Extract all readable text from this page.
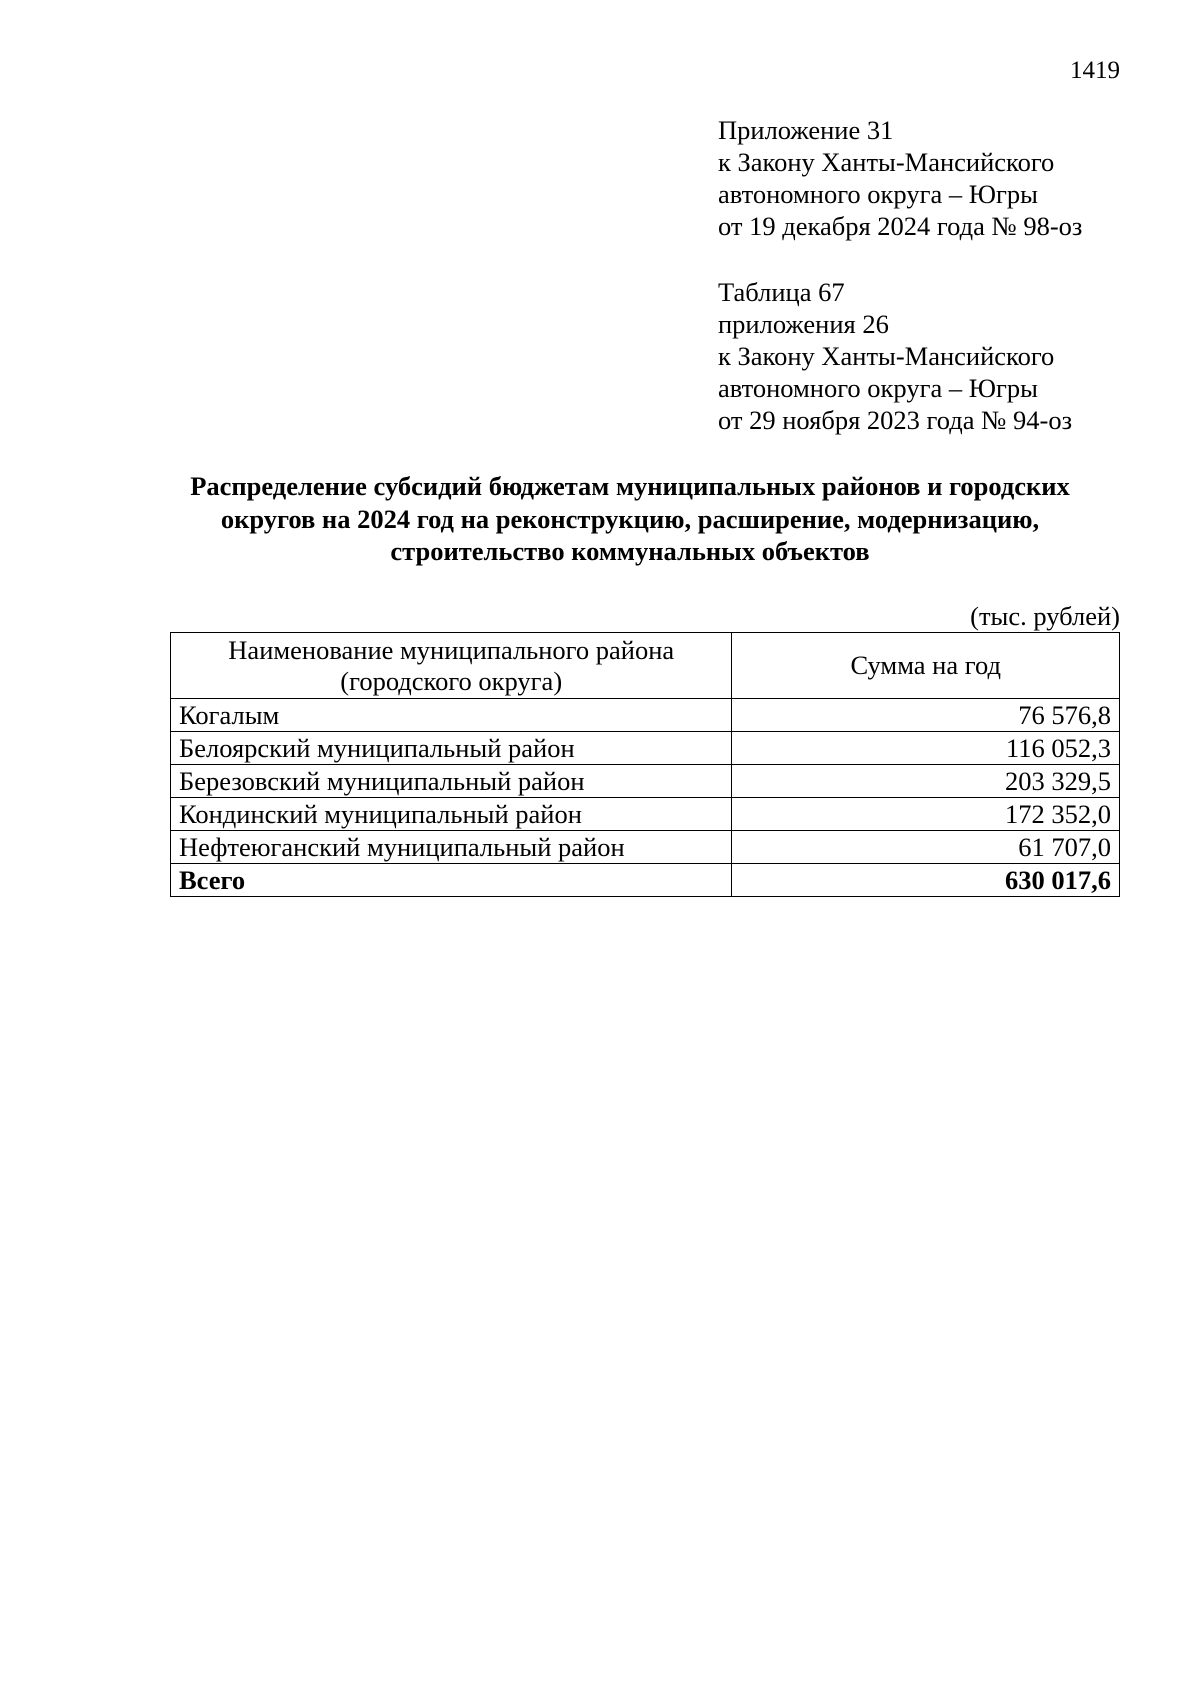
1419
Приложение 31
к Закону Ханты-Мансийского
автономного округа – Югры
от 19 декабря 2024 года № 98-оз
Таблица 67
приложения 26
к Закону Ханты-Мансийского
автономного округа – Югры
от 29 ноября 2023 года № 94-оз
Распределение субсидий бюджетам муниципальных районов и городских
округов на 2024 год на реконструкцию, расширение, модернизацию,
строительство коммунальных объектов
(тыс. рублей)
Наименование муниципального района
(городского округа)	Сумма на год
Когалым	76 576,8
Белоярский муниципальный район	116 052,3
Березовский муниципальный район	203 329,5
Кондинский муниципальный район	172 352,0
Нефтеюганский муниципальный район	61 707,0
Всего	630 017,6
